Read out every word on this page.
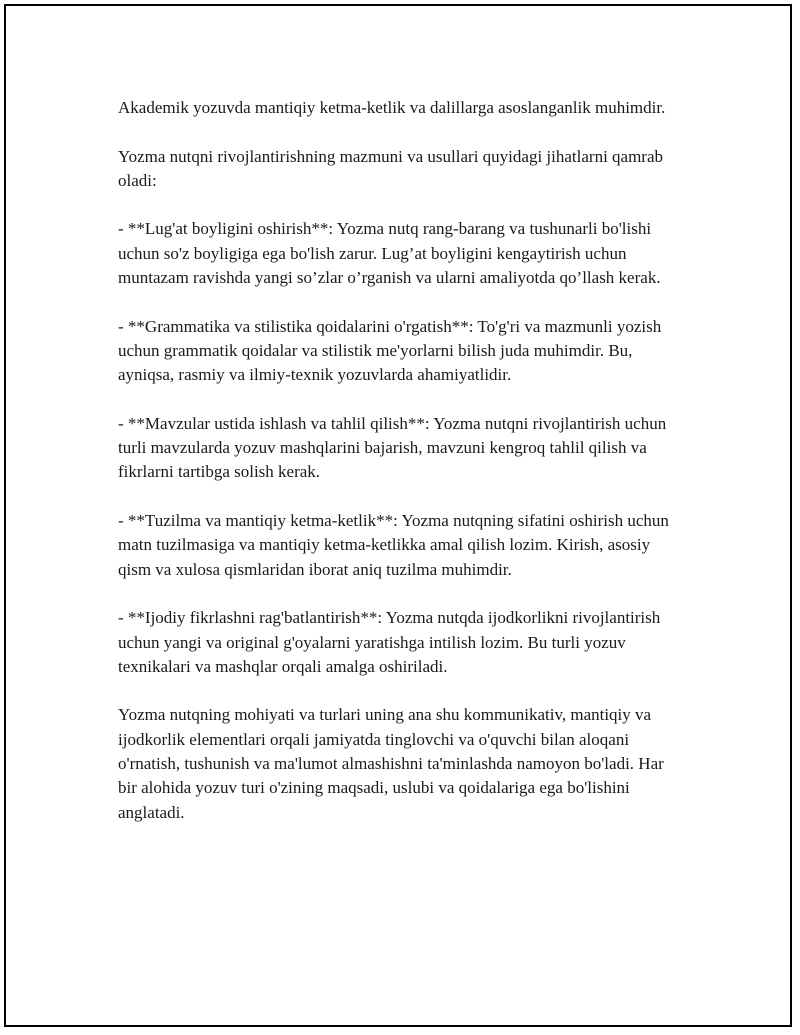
Akademik yozuvda mantiqiy ketma-ketlik va dalillarga asoslanganlik muhimdir.

Yozma nutqni rivojlantirishning mazmuni va usullari quyidagi jihatlarni qamrab oladi:

- **Lug'at boyligini oshirish**: Yozma nutq rang-barang va tushunarli bo'lishi uchun so'z boyligiga ega bo'lish zarur. Lug’at boyligini kengaytirish uchun muntazam ravishda yangi so’zlar o’rganish va ularni amaliyotda qo’llash kerak.

- **Grammatika va stilistika qoidalarini o'rgatish**: To'g'ri va mazmunli yozish uchun grammatik qoidalar va stilistik me'yorlarni bilish juda muhimdir. Bu, ayniqsa, rasmiy va ilmiy-texnik yozuvlarda ahamiyatlidir.

- **Mavzular ustida ishlash va tahlil qilish**: Yozma nutqni rivojlantirish uchun turli mavzularda yozuv mashqlarini bajarish, mavzuni kengroq tahlil qilish va fikrlarni tartibga solish kerak.

- **Tuzilma va mantiqiy ketma-ketlik**: Yozma nutqning sifatini oshirish uchun matn tuzilmasiga va mantiqiy ketma-ketlikka amal qilish lozim. Kirish, asosiy qism va xulosa qismlaridan iborat aniq tuzilma muhimdir.

- **Ijodiy fikrlashni rag'batlantirish**: Yozma nutqda ijodkorlikni rivojlantirish uchun yangi va original g'oyalarni yaratishga intilish lozim. Bu turli yozuv texnikalari va mashqlar orqali amalga oshiriladi.

Yozma nutqning mohiyati va turlari uning ana shu kommunikativ, mantiqiy va ijodkorlik elementlari orqali jamiyatda tinglovchi va o'quvchi bilan aloqani o'rnatish, tushunish va ma'lumot almashishni ta'minlashda namoyon bo'ladi. Har bir alohida yozuv turi o'zining maqsadi, uslubi va qoidalariga ega bo'lishini anglatadi.
